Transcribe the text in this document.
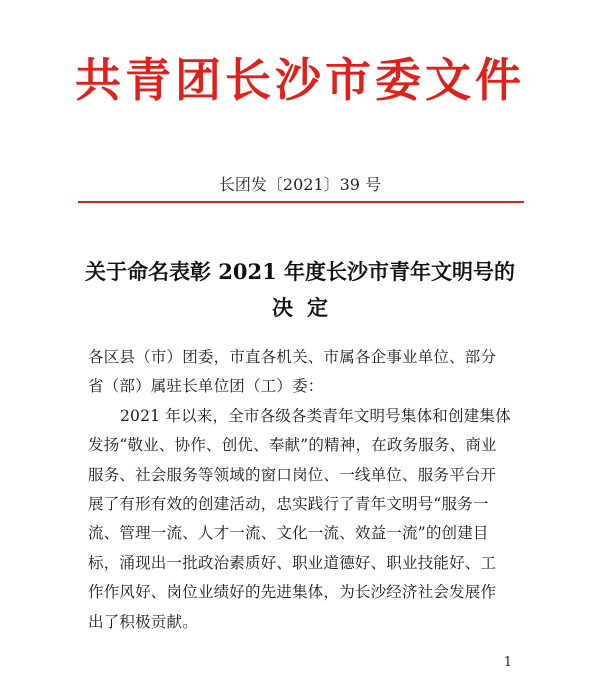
共青团长沙市委文件
长团发〔2021〕39 号
关于命名表彰 2021 年度长沙市青年文明号的
决定

各区县（市）团委，市直各机关、市属各企事业单位、部分
省（部）属驻长单位团（工）委：

2021 年以来，全市各级各类青年文明号集体和创建集体
发扬“敬业、协作、创优、奉献”的精神，在政务服务、商业
服务、社会服务等领域的窗口岗位、一线单位、服务平台开
展了有形有效的创建活动，忠实践行了青年文明号“服务一
流、管理一流、人才一流、文化一流、效益一流”的创建目
标，涌现出一批政治素质好、职业道德好、职业技能好、工
作作风好、岗位业绩好的先进集体，为长沙经济社会发展作
出了积极贡献。

1
